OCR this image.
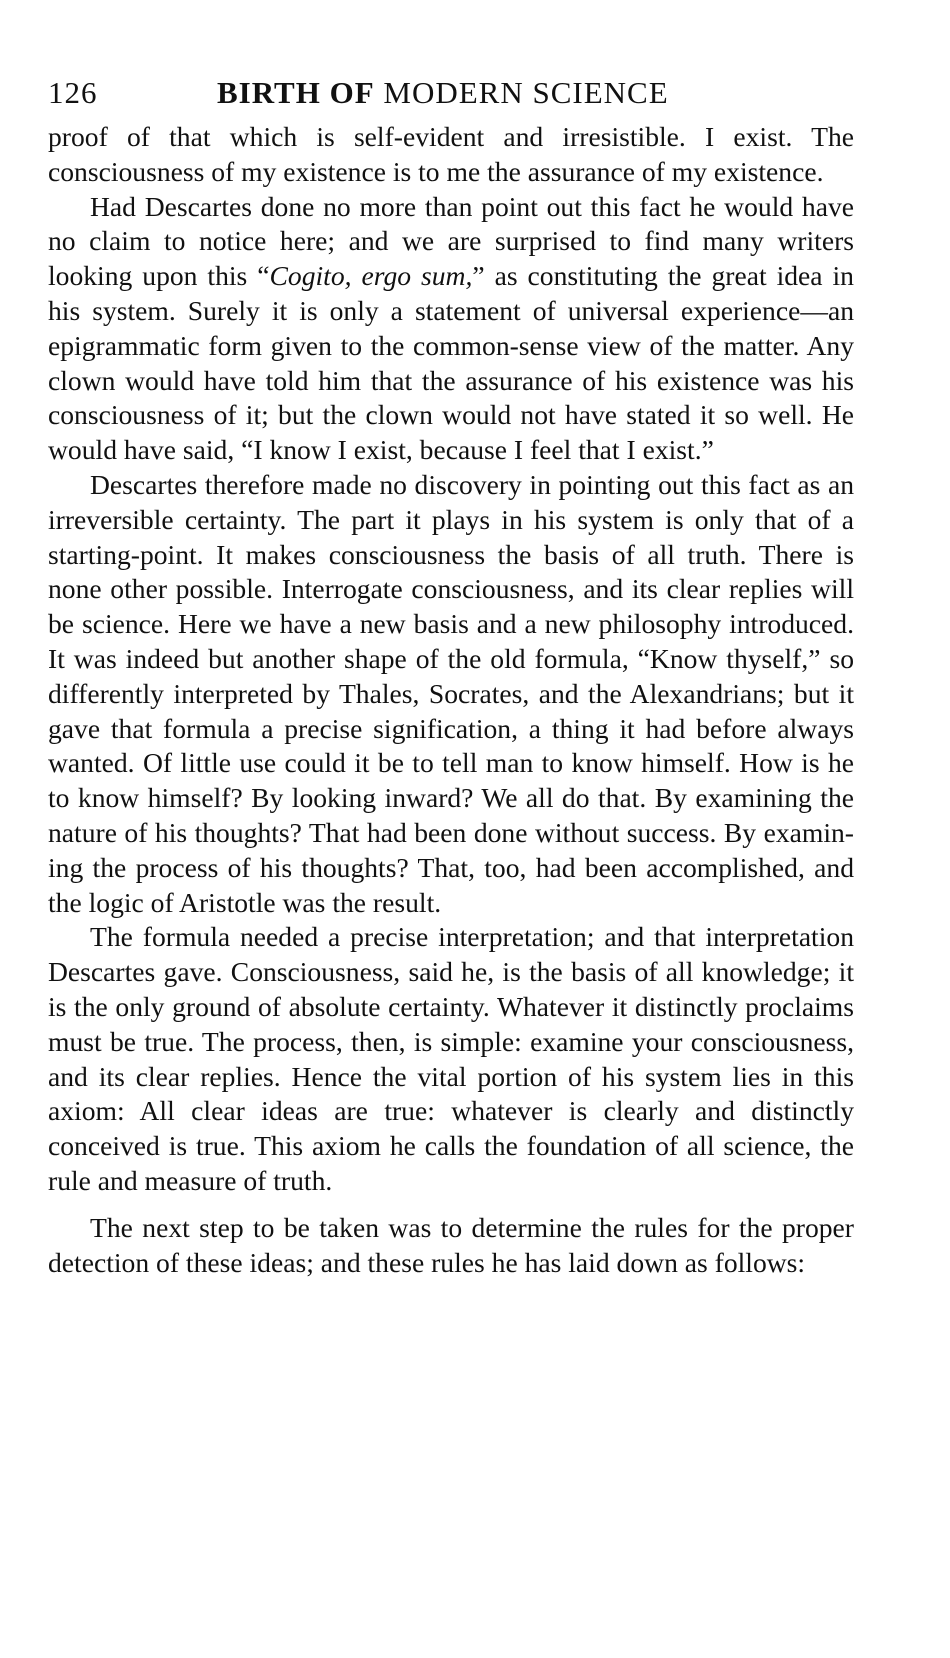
126	BIRTH OF MODERN SCIENCE

proof of that which is self-evident and irresistible. I exist. The consciousness of my existence is to me the assurance of my existence.

Had Descartes done no more than point out this fact he would have no claim to notice here; and we are surprised to find many writers looking upon this “Cogito, ergo sum,” as constituting the great idea in his system. Surely it is only a statement of universal experience—an epigrammatic form given to the common-sense view of the matter. Any clown would have told him that the assurance of his existence was his consciousness of it; but the clown would not have stated it so well. He would have said, “I know I exist, because I feel that I exist.”

Descartes therefore made no discovery in pointing out this fact as an irreversible certainty. The part it plays in his system is only that of a starting-point. It makes consciousness the basis of all truth. There is none other possible. Interrogate consciousness, and its clear replies will be science. Here we have a new basis and a new philosophy introduced. It was indeed but another shape of the old formula, “Know thyself,” so differently interpreted by Thales, Socrates, and the Alexandrians; but it gave that formula a precise signification, a thing it had before always wanted. Of little use could it be to tell man to know himself. How is he to know himself? By looking inward? We all do that. By examining the nature of his thoughts? That had been done without success. By examining the process of his thoughts? That, too, had been accomplished, and the logic of Aristotle was the result.

The formula needed a precise interpretation; and that interpretation Descartes gave. Consciousness, said he, is the basis of all knowledge; it is the only ground of absolute certainty. Whatever it distinctly proclaims must be true. The process, then, is simple: examine your consciousness, and its clear replies. Hence the vital portion of his system lies in this axiom: All clear ideas are true: whatever is clearly and distinctly conceived is true. This axiom he calls the foundation of all science, the rule and measure of truth.

The next step to be taken was to determine the rules for the proper detection of these ideas; and these rules he has laid down as follows:
